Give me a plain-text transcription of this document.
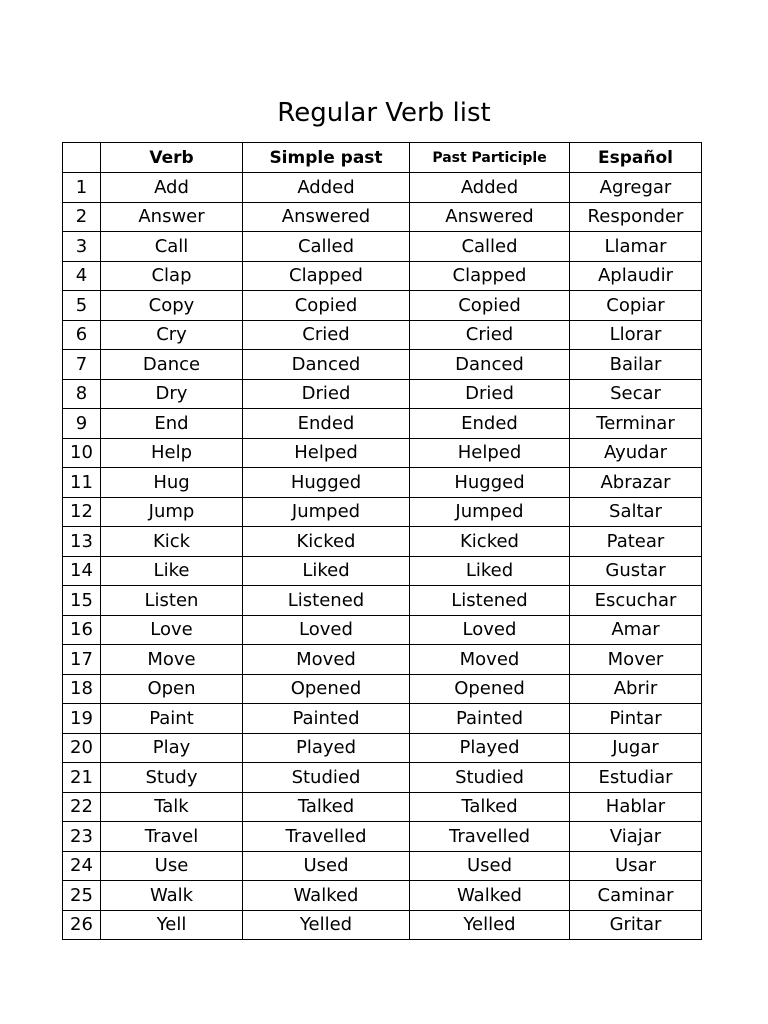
Regular Verb list
	Verb	Simple past	Past Participle	Español
1	Add	Added	Added	Agregar
2	Answer	Answered	Answered	Responder
3	Call	Called	Called	Llamar
4	Clap	Clapped	Clapped	Aplaudir
5	Copy	Copied	Copied	Copiar
6	Cry	Cried	Cried	Llorar
7	Dance	Danced	Danced	Bailar
8	Dry	Dried	Dried	Secar
9	End	Ended	Ended	Terminar
10	Help	Helped	Helped	Ayudar
11	Hug	Hugged	Hugged	Abrazar
12	Jump	Jumped	Jumped	Saltar
13	Kick	Kicked	Kicked	Patear
14	Like	Liked	Liked	Gustar
15	Listen	Listened	Listened	Escuchar
16	Love	Loved	Loved	Amar
17	Move	Moved	Moved	Mover
18	Open	Opened	Opened	Abrir
19	Paint	Painted	Painted	Pintar
20	Play	Played	Played	Jugar
21	Study	Studied	Studied	Estudiar
22	Talk	Talked	Talked	Hablar
23	Travel	Travelled	Travelled	Viajar
24	Use	Used	Used	Usar
25	Walk	Walked	Walked	Caminar
26	Yell	Yelled	Yelled	Gritar
